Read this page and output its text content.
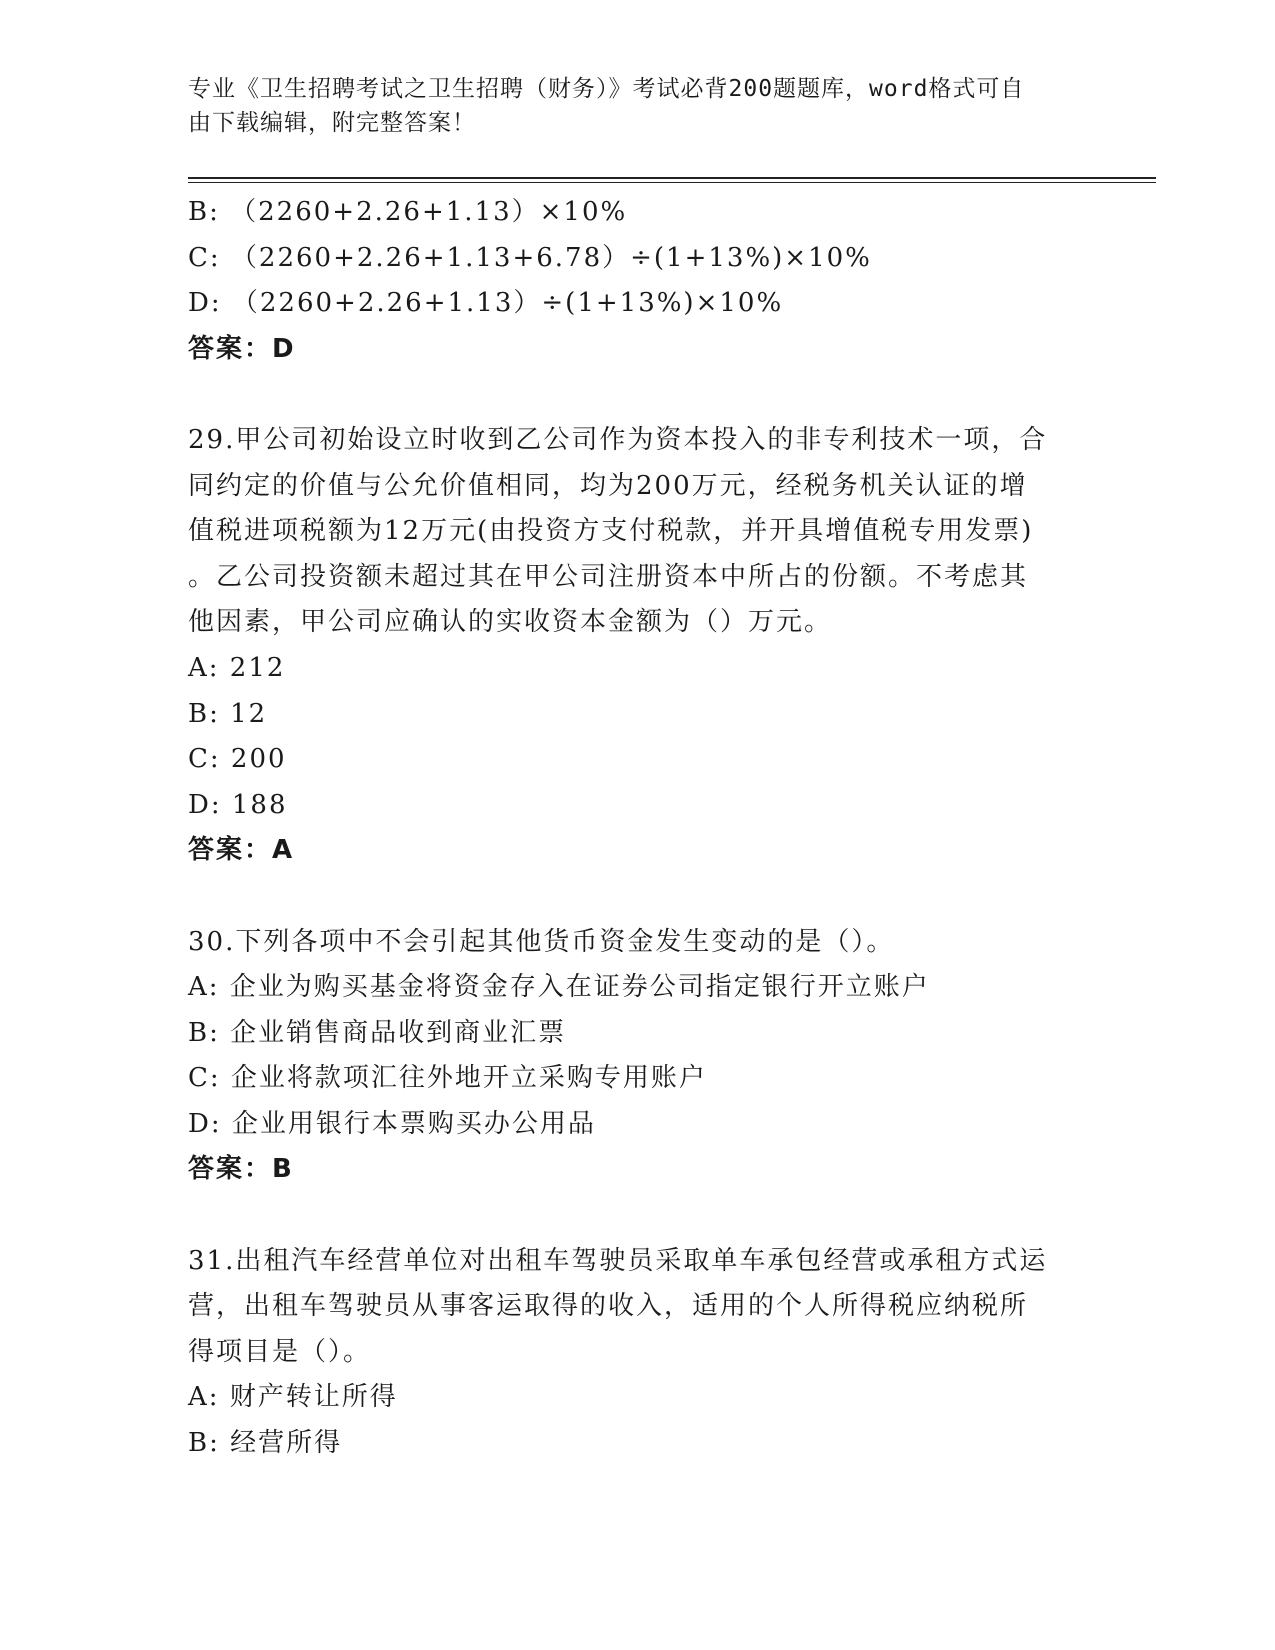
专业《卫生招聘考试之卫生招聘（财务）》考试必背200题题库，word格式可自
由下载编辑，附完整答案！
B: （2260+2.26+1.13）×10%
C: （2260+2.26+1.13+6.78）÷(1+13%)×10%
D: （2260+2.26+1.13）÷(1+13%)×10%
答案：D
29.甲公司初始设立时收到乙公司作为资本投入的非专利技术一项，合
同约定的价值与公允价值相同，均为200万元，经税务机关认证的增
值税进项税额为12万元(由投资方支付税款，并开具增值税专用发票)
。乙公司投资额未超过其在甲公司注册资本中所占的份额。不考虑其
他因素，甲公司应确认的实收资本金额为（）万元。
A: 212
B: 12
C: 200
D: 188
答案：A
30.下列各项中不会引起其他货币资金发生变动的是（）。
A: 企业为购买基金将资金存入在证券公司指定银行开立账户
B: 企业销售商品收到商业汇票
C: 企业将款项汇往外地开立采购专用账户
D: 企业用银行本票购买办公用品
答案：B
31.出租汽车经营单位对出租车驾驶员采取单车承包经营或承租方式运
营，出租车驾驶员从事客运取得的收入，适用的个人所得税应纳税所
得项目是（）。
A: 财产转让所得
B: 经营所得
